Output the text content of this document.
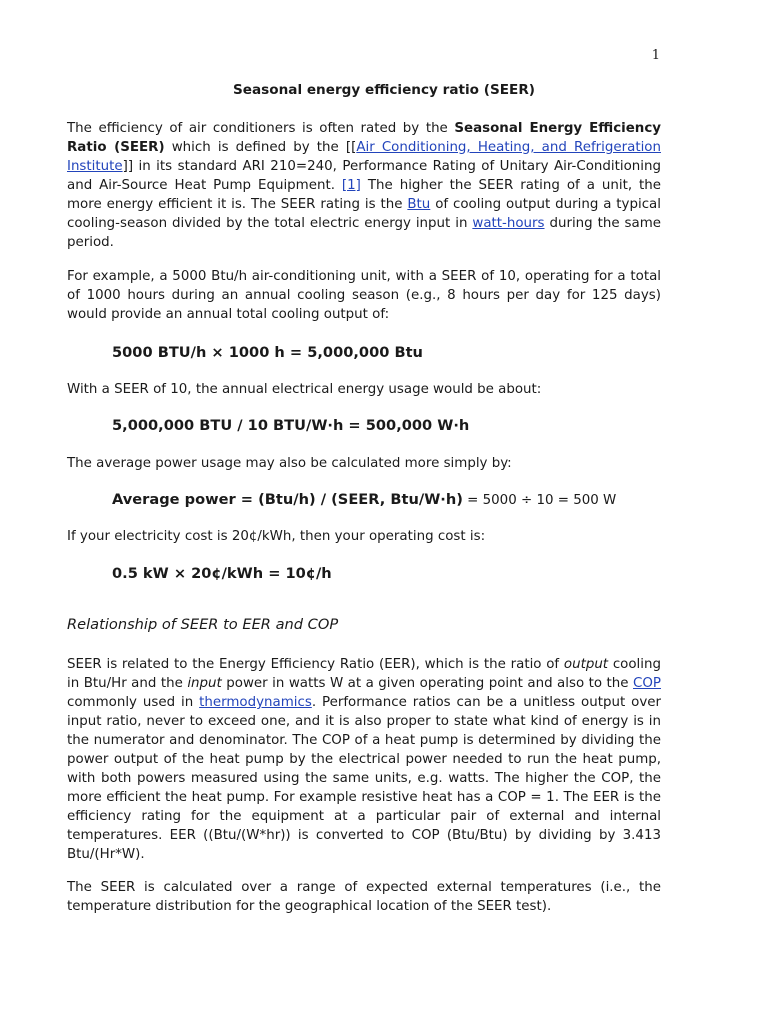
1
Seasonal energy efficiency ratio (SEER)
The efficiency of air conditioners is often rated by the Seasonal Energy Efficiency Ratio (SEER) which is defined by the [[Air Conditioning, Heating, and Refrigeration Institute]] in its standard ARI 210=240, Performance Rating of Unitary Air-Conditioning and Air-Source Heat Pump Equipment. [1] The higher the SEER rating of a unit, the more energy efficient it is. The SEER rating is the Btu of cooling output during a typical cooling-season divided by the total electric energy input in watt-hours during the same period.
For example, a 5000 Btu/h air-conditioning unit, with a SEER of 10, operating for a total of 1000 hours during an annual cooling season (e.g., 8 hours per day for 125 days) would provide an annual total cooling output of:
5000 BTU/h × 1000 h = 5,000,000 Btu
With a SEER of 10, the annual electrical energy usage would be about:
5,000,000 BTU / 10 BTU/W·h = 500,000 W·h
The average power usage may also be calculated more simply by:
Average power = (Btu/h) / (SEER, Btu/W·h) = 5000 ÷ 10 = 500 W
If your electricity cost is 20¢/kWh, then your operating cost is:
0.5 kW × 20¢/kWh = 10¢/h
Relationship of SEER to EER and COP
SEER is related to the Energy Efficiency Ratio (EER), which is the ratio of output cooling in Btu/Hr and the input power in watts W at a given operating point and also to the COP commonly used in thermodynamics. Performance ratios can be a unitless output over input ratio, never to exceed one, and it is also proper to state what kind of energy is in the numerator and denominator. The COP of a heat pump is determined by dividing the power output of the heat pump by the electrical power needed to run the heat pump, with both powers measured using the same units, e.g. watts. The higher the COP, the more efficient the heat pump. For example resistive heat has a COP = 1. The EER is the efficiency rating for the equipment at a particular pair of external and internal temperatures. EER ((Btu/(W*hr)) is converted to COP (Btu/Btu) by dividing by 3.413 Btu/(Hr*W).
The SEER is calculated over a range of expected external temperatures (i.e., the temperature distribution for the geographical location of the SEER test).
